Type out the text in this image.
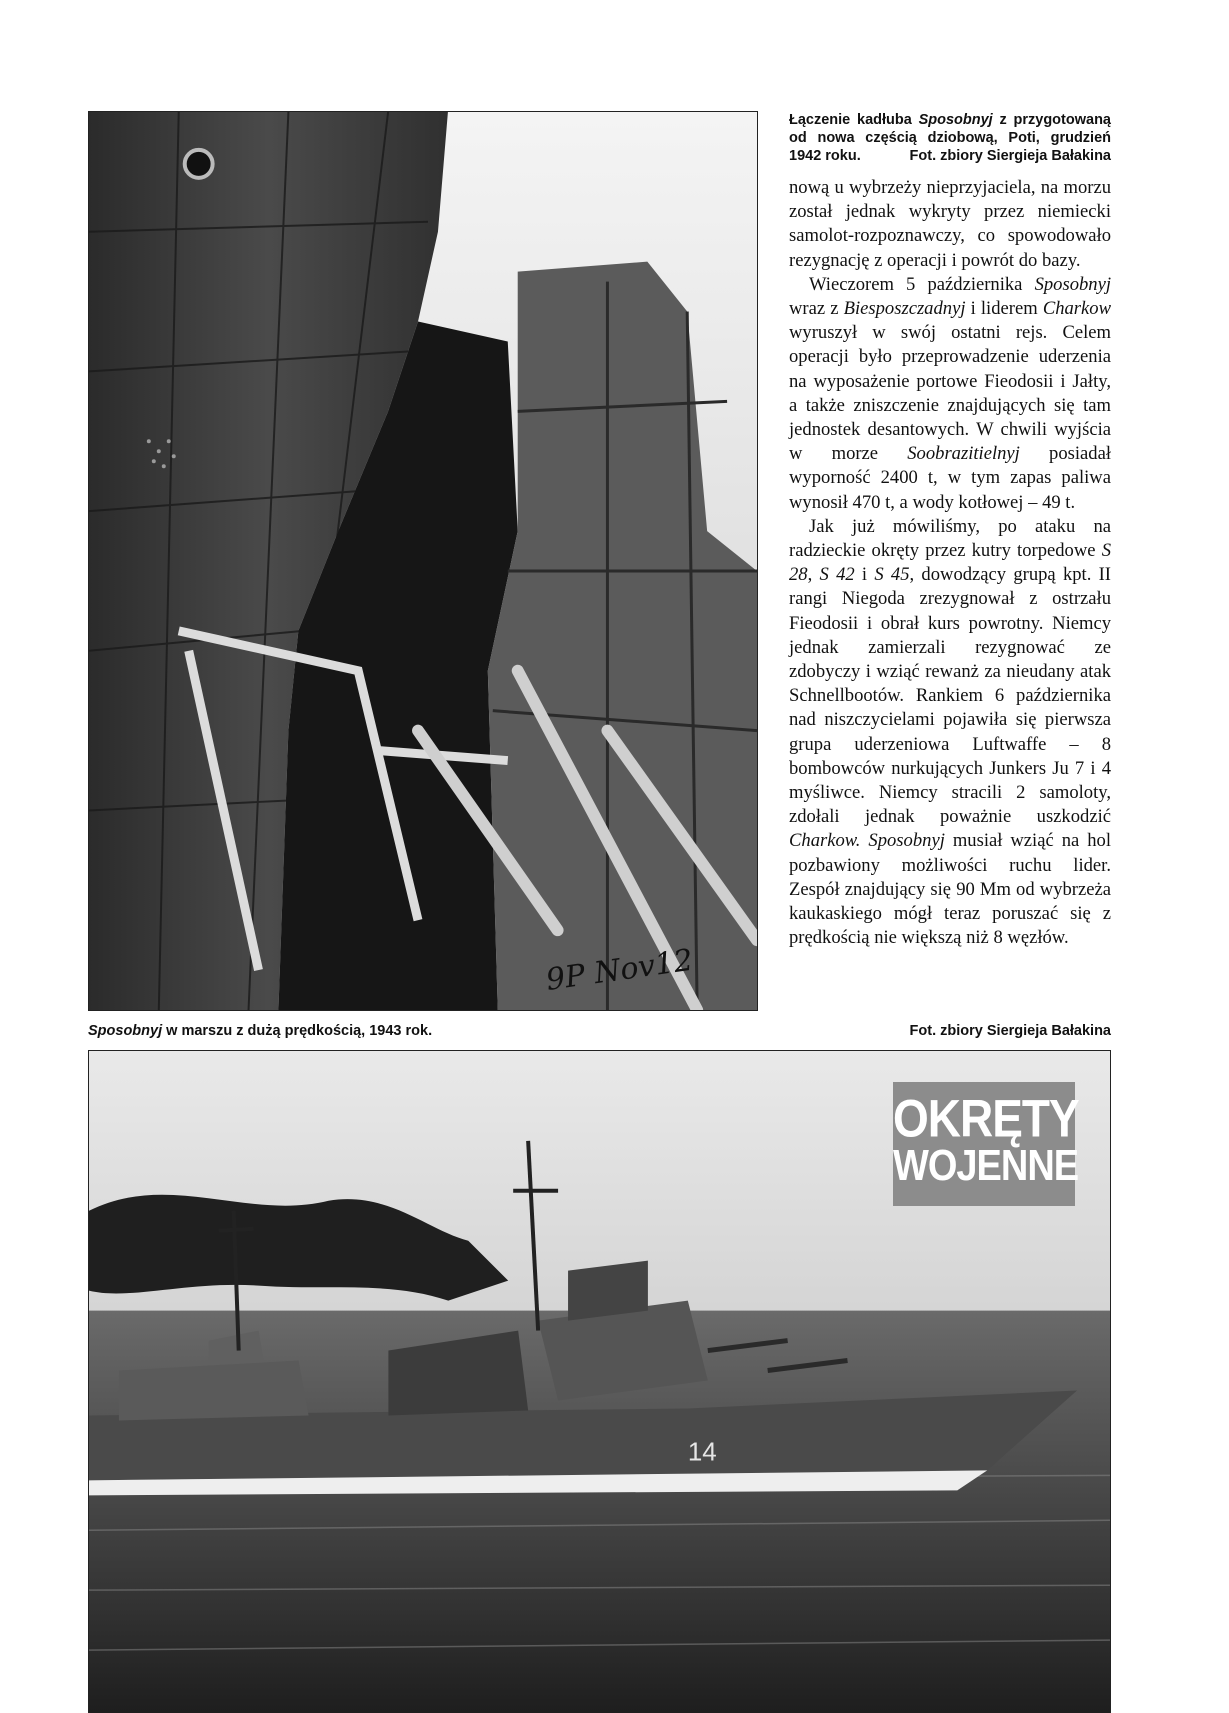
9P Nov12
Łączenie kadłuba Sposobnyj z przygotowaną od nowa częścią dziobową, Poti, grudzień 1942 roku.	Fot. zbiory Siergieja Bałakina

nową u wybrzeży nieprzyjaciela, na morzu został jednak wykryty przez niemiecki samolot-rozpoznawczy, co spowodowało rezygnację z operacji i powrót do bazy.

Wieczorem 5 października Sposobnyj wraz z Biesposzczadnyj i liderem Charkow wyruszył w swój ostatni rejs. Celem operacji było przeprowadzenie uderzenia na wyposażenie portowe Fieodosii i Jałty, a także zniszczenie znajdujących się tam jednostek desantowych. W chwili wyjścia w morze Soobrazitielnyj posiadał wyporność 2400 t, w tym zapas paliwa wynosił 470 t, a wody kotłowej – 49 t.

Jak już mówiliśmy, po ataku na radzieckie okręty przez kutry torpedowe S 28, S 42 i S 45, dowodzący grupą kpt. II rangi Niegoda zrezygnował z ostrzału Fieodosii i obrał kurs powrotny. Niemcy jednak zamierzali rezygnować ze zdobyczy i wziąć rewanż za nieudany atak Schnellbootów. Rankiem 6 października nad niszczycielami pojawiła się pierwsza grupa uderzeniowa Luftwaffe – 8 bombowców nurkujących Junkers Ju 7 i 4 myśliwce. Niemcy stracili 2 samoloty, zdołali jednak poważnie uszkodzić Charkow. Sposobnyj musiał wziąć na hol pozbawiony możliwości ruchu lider. Zespół znajdujący się 90 Mm od wybrzeża kaukaskiego mógł teraz poruszać się z prędkością nie większą niż 8 węzłów.

Sposobnyj w marszu z dużą prędkością, 1943 rok.	Fot. zbiory Siergieja Bałakina
14
OKRĘTY
WOJENNE
